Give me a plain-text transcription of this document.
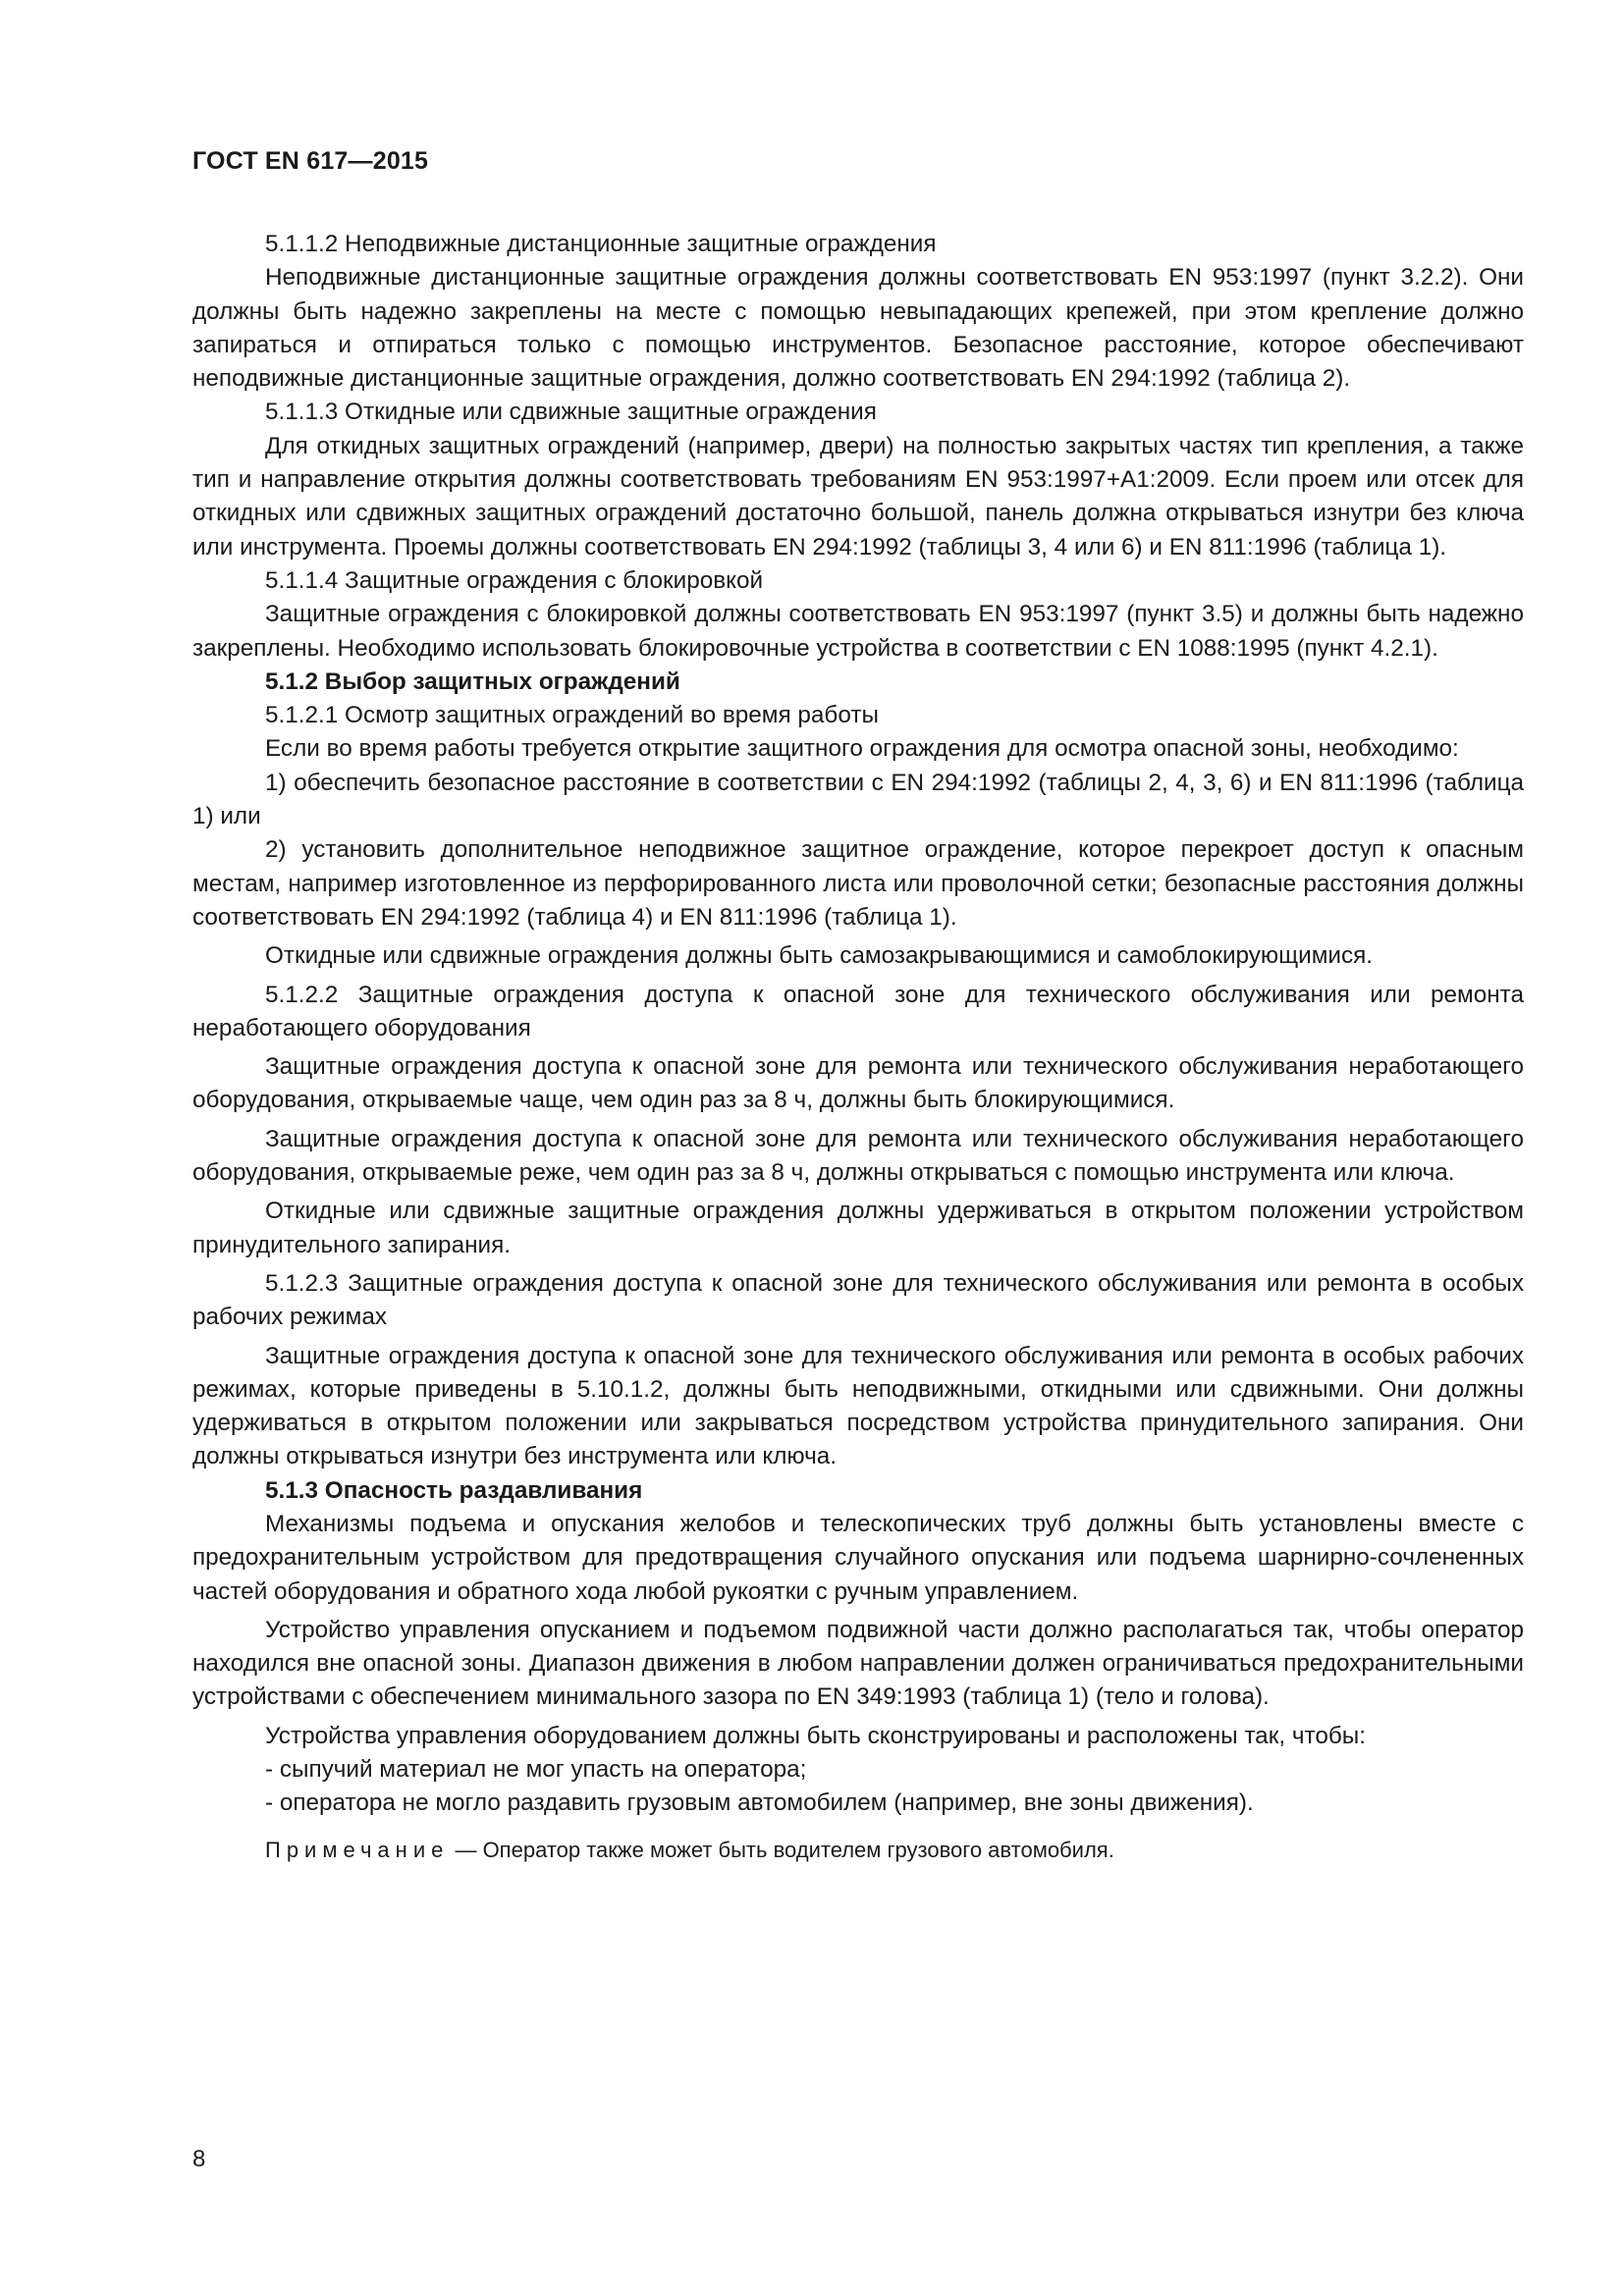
ГОСТ EN 617—2015

5.1.1.2 Неподвижные дистанционные защитные ограждения

Неподвижные дистанционные защитные ограждения должны соответствовать EN 953:1997 (пункт 3.2.2). Они должны быть надежно закреплены на месте с помощью невыпадающих крепежей, при этом крепление должно запираться и отпираться только с помощью инструментов. Безопасное расстояние, которое обеспечивают неподвижные дистанционные защитные ограждения, должно соответствовать EN 294:1992 (таблица 2).

5.1.1.3 Откидные или сдвижные защитные ограждения

Для откидных защитных ограждений (например, двери) на полностью закрытых частях тип крепления, а также тип и направление открытия должны соответствовать требованиям EN 953:1997+A1:2009. Если проем или отсек для откидных или сдвижных защитных ограждений достаточно большой, панель должна открываться изнутри без ключа или инструмента. Проемы должны соответствовать EN 294:1992 (таблицы 3, 4 или 6) и EN 811:1996 (таблица 1).

5.1.1.4 Защитные ограждения с блокировкой

Защитные ограждения с блокировкой должны соответствовать EN 953:1997 (пункт 3.5) и должны быть надежно закреплены. Необходимо использовать блокировочные устройства в соответствии с EN 1088:1995 (пункт 4.2.1).

5.1.2 Выбор защитных ограждений

5.1.2.1 Осмотр защитных ограждений во время работы

Если во время работы требуется открытие защитного ограждения для осмотра опасной зоны, необходимо:

1) обеспечить безопасное расстояние в соответствии с EN 294:1992 (таблицы 2, 4, 3, 6) и EN 811:1996 (таблица 1) или

2) установить дополнительное неподвижное защитное ограждение, которое перекроет доступ к опасным местам, например изготовленное из перфорированного листа или проволочной сетки; безопасные расстояния должны соответствовать EN 294:1992 (таблица 4) и EN 811:1996 (таблица 1).

Откидные или сдвижные ограждения должны быть самозакрывающимися и самоблокирующимися.

5.1.2.2 Защитные ограждения доступа к опасной зоне для технического обслуживания или ремонта неработающего оборудования

Защитные ограждения доступа к опасной зоне для ремонта или технического обслуживания неработающего оборудования, открываемые чаще, чем один раз за 8 ч, должны быть блокирующимися.

Защитные ограждения доступа к опасной зоне для ремонта или технического обслуживания неработающего оборудования, открываемые реже, чем один раз за 8 ч, должны открываться с помощью инструмента или ключа.

Откидные или сдвижные защитные ограждения должны удерживаться в открытом положении устройством принудительного запирания.

5.1.2.3 Защитные ограждения доступа к опасной зоне для технического обслуживания или ремонта в особых рабочих режимах

Защитные ограждения доступа к опасной зоне для технического обслуживания или ремонта в особых рабочих режимах, которые приведены в 5.10.1.2, должны быть неподвижными, откидными или сдвижными. Они должны удерживаться в открытом положении или закрываться посредством устройства принудительного запирания. Они должны открываться изнутри без инструмента или ключа.

5.1.3 Опасность раздавливания

Механизмы подъема и опускания желобов и телескопических труб должны быть установлены вместе с предохранительным устройством для предотвращения случайного опускания или подъема шарнирно-сочлененных частей оборудования и обратного хода любой рукоятки с ручным управлением.

Устройство управления опусканием и подъемом подвижной части должно располагаться так, чтобы оператор находился вне опасной зоны. Диапазон движения в любом направлении должен ограничиваться предохранительными устройствами с обеспечением минимального зазора по EN 349:1993 (таблица 1) (тело и голова).

Устройства управления оборудованием должны быть сконструированы и расположены так, чтобы:

- сыпучий материал не мог упасть на оператора;

- оператора не могло раздавить грузовым автомобилем (например, вне зоны движения).

Примечание — Оператор также может быть водителем грузового автомобиля.

8
